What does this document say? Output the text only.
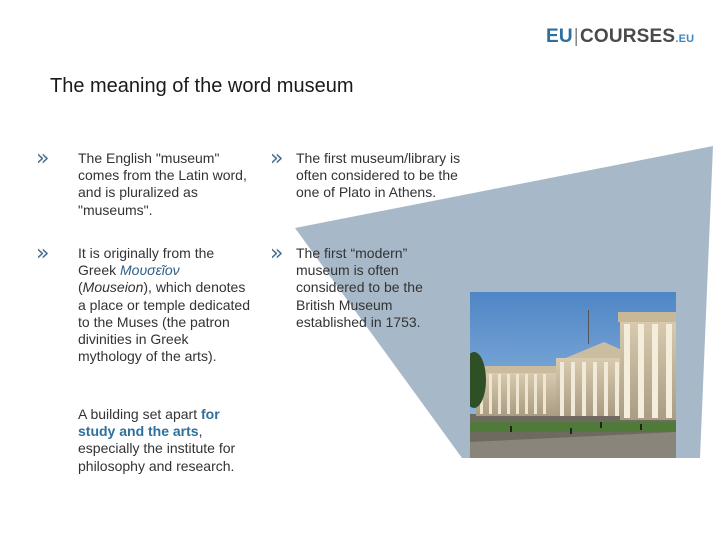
EU|COURSES.EU
The meaning of the word museum
» The English "museum" comes from the Latin word, and is pluralized as "museums".
» It is originally from the Greek Μουσεῖον (Mouseion), which denotes a place or temple dedicated to the Muses (the patron divinities in Greek mythology of the arts).
A building set apart for study and the arts, especially the institute for philosophy and research.
» The first museum/library is often considered to be the one of Plato in Athens.
» The first “modern” museum is often considered to be the British Museum established in 1753.
